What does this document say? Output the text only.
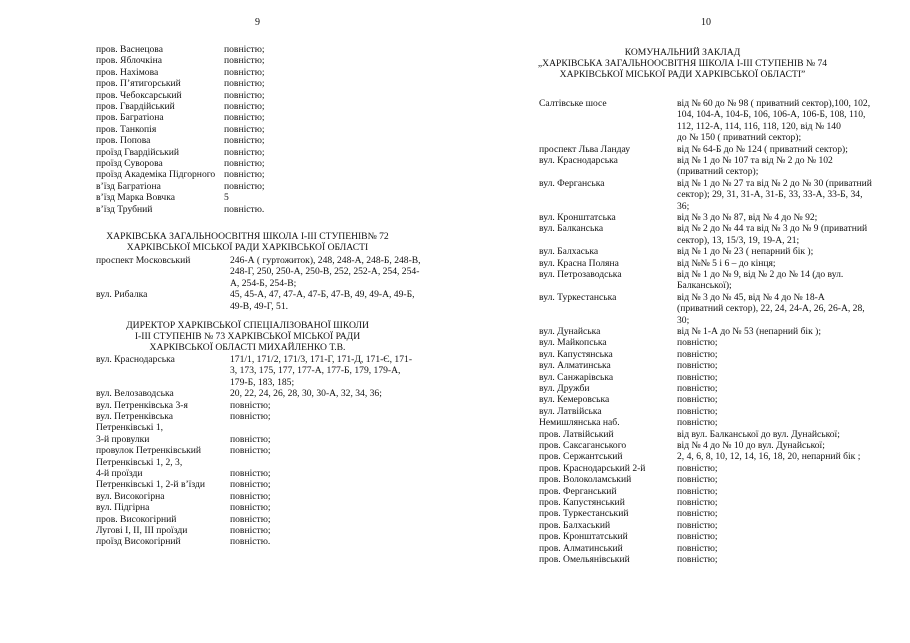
9
пров. Васнецова	повністю;
пров. Яблочкіна	повністю;
пров. Нахімова	повністю;
пров. П’ятигорський	повністю;
пров. Чебоксарський	повністю;
пров. Гвардійський	повністю;
пров. Багратіона	повністю;
пров. Танкопія	повністю;
пров. Попова	повністю;
проїзд Гвардійський	повністю;
проїзд Суворова	повністю;
проїзд Академіка Підгорного повністю;
в’їзд Багратіона	повністю;
в’їзд Марка Вовчка	5
в’їзд Трубний	повністю.
ХАРКІВСЬКА ЗАГАЛЬНООСВІТНЯ ШКОЛА І-ІІІ СТУПЕНІВ№ 72
ХАРКІВСЬКОЇ МІСЬКОЇ РАДИ ХАРКІВСЬКОЇ ОБЛАСТІ
проспект Московський	246-А ( гуртожиток), 248, 248-А, 248-Б, 248-В,
248-Г, 250, 250-А, 250-В, 252, 252-А, 254, 254-
А, 254-Б, 254-В;
вул. Рибалка	45, 45-А, 47, 47-А, 47-Б, 47-В, 49, 49-А, 49-Б,
49-В, 49-Г, 51.
ДИРЕКТОР ХАРКІВСЬКОЇ СПЕЦІАЛІЗОВАНОЇ ШКОЛИ
І-ІІІ СТУПЕНІВ № 73 ХАРКІВСЬКОЇ МІСЬКОЇ РАДИ
ХАРКІВСЬКОЇ ОБЛАСТІ МИХАЙЛЕНКО Т.В.
вул. Краснодарська	171/1, 171/2, 171/3, 171-Г, 171-Д, 171-Є, 171-
3, 173, 175, 177, 177-А, 177-Б, 179, 179-А,
179-Б, 183, 185;
вул. Велозаводська	20, 22, 24, 26, 28, 30, 30-А, 32, 34, 36;
вул. Петренківська 3-я	повністю;
вул. Петренківська	повністю;
Петренківські 1,
3-й провулки	повністю;
провулок Петренківський	повністю;
Петренківські 1, 2, 3,
4-й проїзди	повністю;
Петренківські 1, 2-й в’їзди	повністю;
вул. Високогірна	повністю;
вул. Підгірна	повністю;
пров. Високогірний	повністю;
Лугові І, ІІ, ІІІ проїзди	повністю;
проїзд Високогірний	повністю.
10
КОМУНАЛЬНИЙ ЗАКЛАД
„ХАРКІВСЬКА ЗАГАЛЬНООСВІТНЯ ШКОЛА І-ІІІ СТУПЕНІВ № 74
ХАРКІВСЬКОЇ МІСЬКОЇ РАДИ ХАРКІВСЬКОЇ ОБЛАСТІ”
Салтівське шосе	від № 60 до № 98 ( приватний сектор),100, 102,
104, 104-А, 104-Б, 106, 106-А, 106-Б, 108, 110,
112, 112-А, 114, 116, 118, 120, від № 140
до № 150 ( приватний сектор);
проспект Льва Ландау	від № 64-Б до № 124 ( приватний сектор);
вул. Краснодарська	від № 1 до № 107 та від № 2 до № 102
(приватний сектор);
вул. Ферганська	від № 1 до № 27 та від № 2 до № 30 (приватний
сектор); 29, 31, 31-А, 31-Б, 33, 33-А, 33-Б, 34,
36;
вул. Кронштатська	від № 3 до № 87, від № 4 до № 92;
вул. Балканська	від № 2 до № 44 та від № 3 до № 9 (приватний
сектор), 13, 15/3, 19, 19-А, 21;
вул. Балхаська	від № 1 до № 23 ( непарний бік );
вул. Красна Поляна	від №№ 5 і 6 – до кінця;
вул. Петрозаводська	від № 1 до № 9, від № 2 до № 14 (до вул.
Балканської);
вул. Туркестанська	від № 3 до № 45, від № 4 до № 18-А
(приватний сектор), 22, 24, 24-А, 26, 26-А, 28,
30;
вул. Дунайська	від № 1-А до № 53 (непарний бік );
вул. Майкопська	повністю;
вул. Капустянська	повністю;
вул. Алматинська	повністю;
вул. Санжарівська	повністю;
вул. Дружби	повністю;
вул. Кемеровська	повністю;
вул. Латвійська	повністю;
Немишлянська наб.	повністю;
пров. Латвійський	від вул. Балканської до вул. Дунайської;
пров. Саксаганського	від № 4 до № 10 до вул. Дунайської;
пров. Сержантський	2, 4, 6, 8, 10, 12, 14, 16, 18, 20, непарний бік ;
пров. Краснодарський 2-й	повністю;
пров. Волоколамський	повністю;
пров. Ферганський	повністю;
пров. Капустянський	повністю;
пров. Туркестанський	повністю;
пров. Балхаський	повністю;
пров. Кронштатський	повністю;
пров. Алматинський	повністю;
пров. Омельянівський	повністю;
